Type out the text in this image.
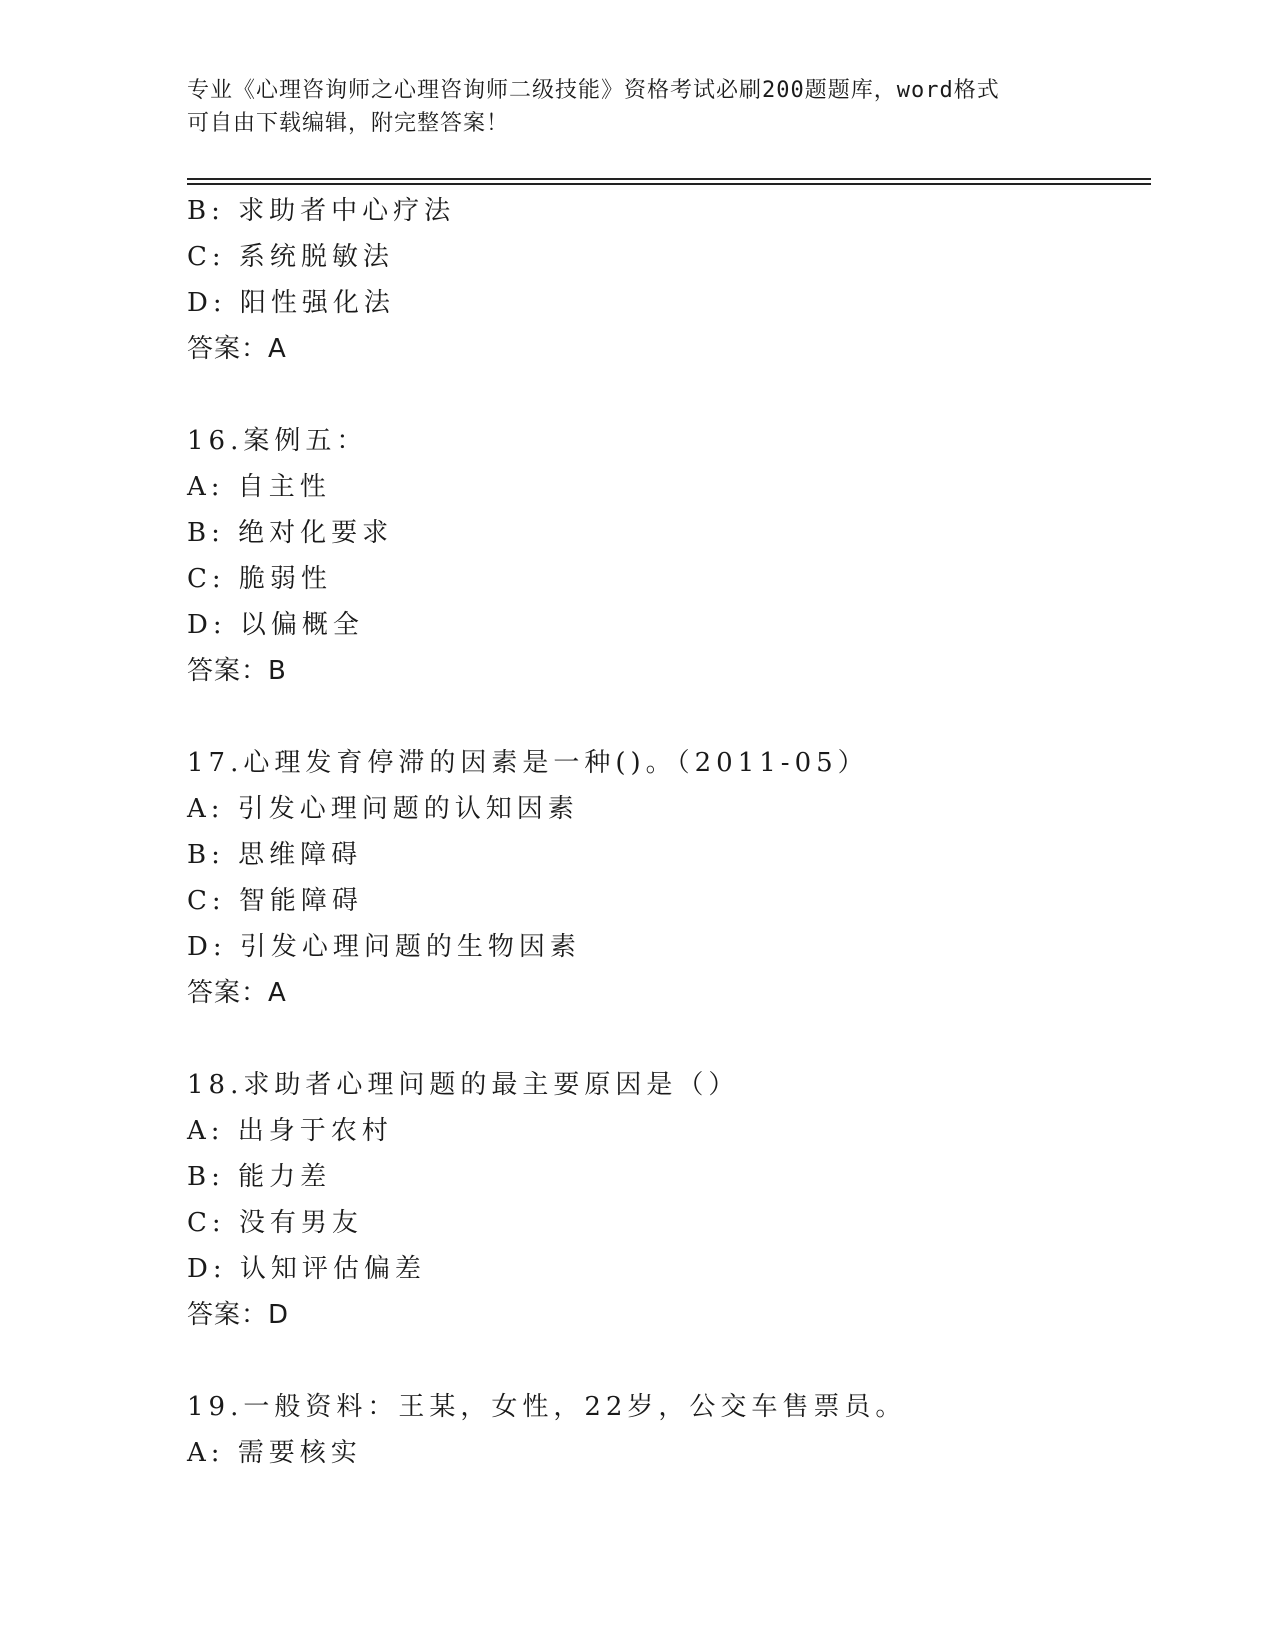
专业《心理咨询师之心理咨询师二级技能》资格考试必刷200题题库，word格式
可自由下载编辑，附完整答案！
B: 求助者中心疗法
C: 系统脱敏法
D: 阳性强化法
答案：A
16.案例五：
A: 自主性
B: 绝对化要求
C: 脆弱性
D: 以偏概全
答案：B
17.心理发育停滞的因素是一种()。（2011-05）
A: 引发心理问题的认知因素
B: 思维障碍
C: 智能障碍
D: 引发心理问题的生物因素
答案：A
18.求助者心理问题的最主要原因是（）
A: 出身于农村
B: 能力差
C: 没有男友
D: 认知评估偏差
答案：D
19.一般资料：王某，女性，22岁，公交车售票员。
A: 需要核实
